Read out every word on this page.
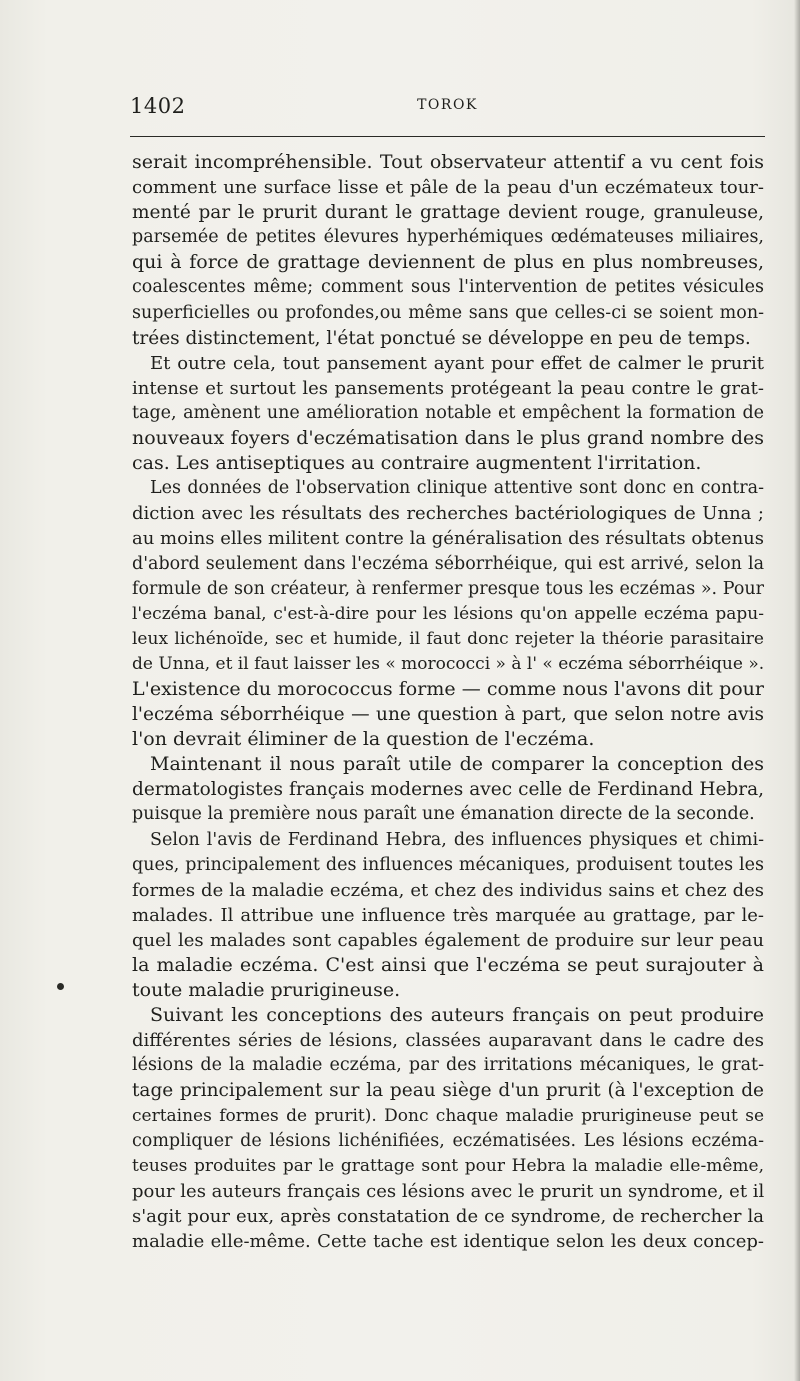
1402	TOROK
serait incompréhensible. Tout observateur attentif a vu cent fois
comment une surface lisse et pâle de la peau d'un eczémateux tour-
menté par le prurit durant le grattage devient rouge, granuleuse,
parsemée de petites élevures hyperhémiques œdémateuses miliaires,
qui à force de grattage deviennent de plus en plus nombreuses,
coalescentes même; comment sous l'intervention de petites vésicules
superficielles ou profondes,ou même sans que celles-ci se soient mon-
trées distinctement, l'état ponctué se développe en peu de temps.
Et outre cela, tout pansement ayant pour effet de calmer le prurit
intense et surtout les pansements protégeant la peau contre le grat-
tage, amènent une amélioration notable et empêchent la formation de
nouveaux foyers d'eczématisation dans le plus grand nombre des
cas. Les antiseptiques au contraire augmentent l'irritation.
Les données de l'observation clinique attentive sont donc en contra-
diction avec les résultats des recherches bactériologiques de Unna ;
au moins elles militent contre la généralisation des résultats obtenus
d'abord seulement dans l'eczéma séborrhéique, qui est arrivé, selon la
formule de son créateur, à renfermer presque tous les eczémas ». Pour
l'eczéma banal, c'est-à-dire pour les lésions qu'on appelle eczéma papu-
leux lichénoïde, sec et humide, il faut donc rejeter la théorie parasitaire
de Unna, et il faut laisser les « morococci » à l' « eczéma séborrhéique ».
L'existence du morococcus forme — comme nous l'avons dit pour
l'eczéma séborrhéique — une question à part, que selon notre avis
l'on devrait éliminer de la question de l'eczéma.
Maintenant il nous paraît utile de comparer la conception des
dermatologistes français modernes avec celle de Ferdinand Hebra,
puisque la première nous paraît une émanation directe de la seconde.
Selon l'avis de Ferdinand Hebra, des influences physiques et chimi-
ques, principalement des influences mécaniques, produisent toutes les
formes de la maladie eczéma, et chez des individus sains et chez des
malades. Il attribue une influence très marquée au grattage, par le-
quel les malades sont capables également de produire sur leur peau
la maladie eczéma. C'est ainsi que l'eczéma se peut surajouter à
toute maladie prurigineuse.
Suivant les conceptions des auteurs français on peut produire
différentes séries de lésions, classées auparavant dans le cadre des
lésions de la maladie eczéma, par des irritations mécaniques, le grat-
tage principalement sur la peau siège d'un prurit (à l'exception de
certaines formes de prurit). Donc chaque maladie prurigineuse peut se
compliquer de lésions lichénifiées, eczématisées. Les lésions eczéma-
teuses produites par le grattage sont pour Hebra la maladie elle-même,
pour les auteurs français ces lésions avec le prurit un syndrome, et il
s'agit pour eux, après constatation de ce syndrome, de rechercher la
maladie elle-même. Cette tache est identique selon les deux concep-
